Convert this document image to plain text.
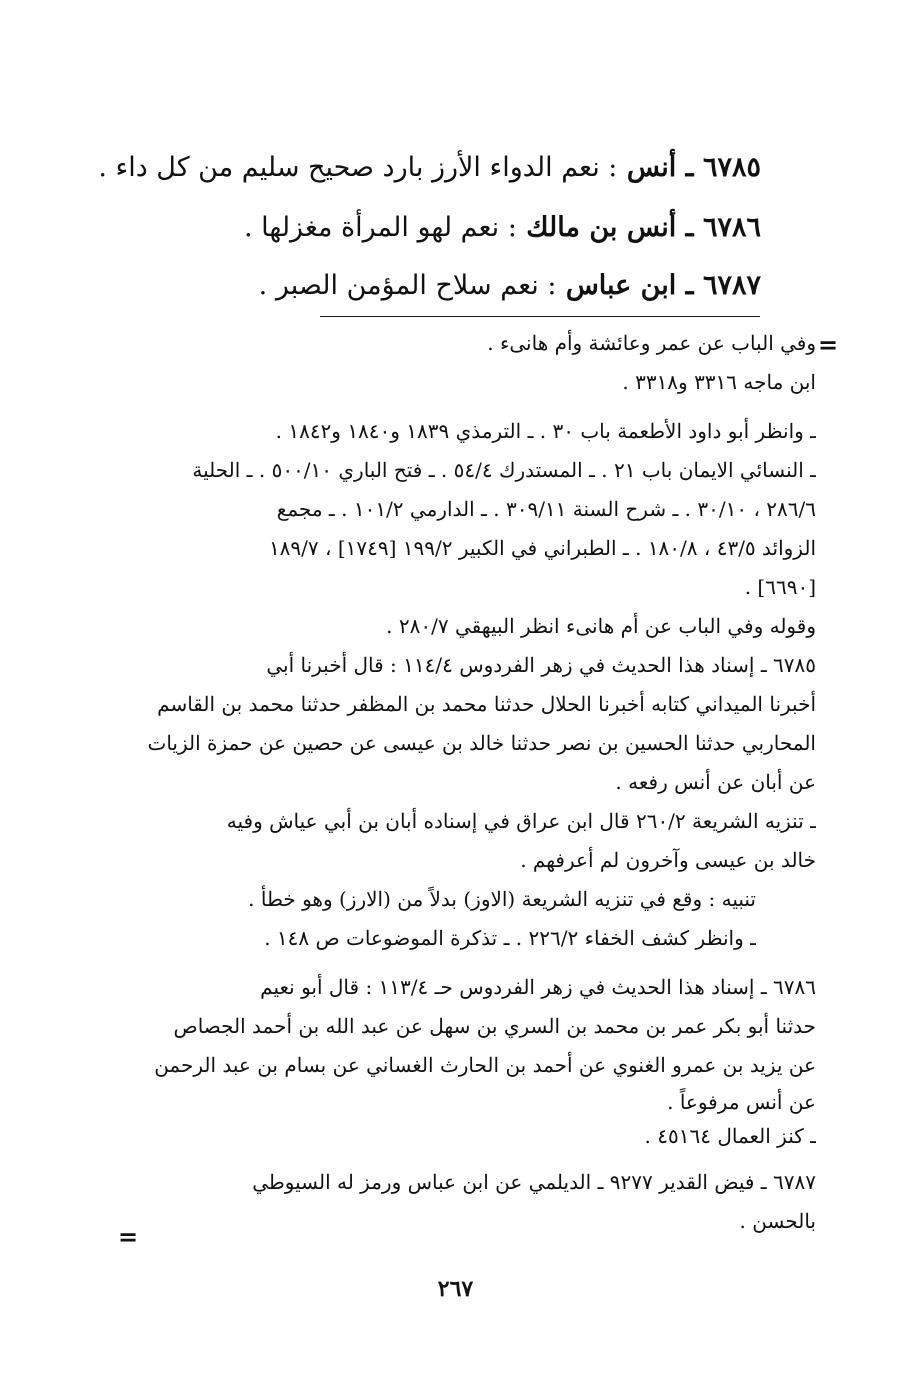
٦٧٨٥ ـ أنس : نعم الدواء الأرز بارد صحيح سليم من كل داء .
٦٧٨٦ ـ أنس بن مالك : نعم لهو المرأة مغزلها .
٦٧٨٧ ـ ابن عباس : نعم سلاح المؤمن الصبر .
=
=
وفي الباب عن عمر وعائشة وأم هانىء .
ابن ماجه ٣٣١٦ و٣٣١٨ .
ـ وانظر أبو داود الأطعمة باب ٣٠ . ـ الترمذي ١٨٣٩ و١٨٤٠ و١٨٤٢ .
ـ النسائي الايمان باب ٢١ . ـ المستدرك ٥٤/٤ . ـ فتح الباري ٥٠٠/١٠ . ـ الحلية
٢٨٦/٦ ، ٣٠/١٠ . ـ شرح السنة ٣٠٩/١١ . ـ الدارمي ١٠١/٢ . ـ مجمع
الزوائد ٤٣/٥ ، ١٨٠/٨ . ـ الطبراني في الكبير ١٩٩/٢ [١٧٤٩] ، ١٨٩/٧
[٦٦٩٠] .
وقوله وفي الباب عن أم هانىء انظر البيهقي ٢٨٠/٧ .
٦٧٨٥ ـ إسناد هذا الحديث في زهر الفردوس ١١٤/٤ : قال أخبرنا أبي
أخبرنا الميداني كتابه أخبرنا الحلال حدثنا محمد بن المظفر حدثنا محمد بن القاسم
المحاربي حدثنا الحسين بن نصر حدثنا خالد بن عيسى عن حصين عن حمزة الزيات
عن أبان عن أنس رفعه .
ـ تنزيه الشريعة ٢٦٠/٢ قال ابن عراق في إسناده أبان بن أبي عياش وفيه
خالد بن عيسى وآخرون لم أعرفهم .
تنبيه : وقع في تنزيه الشريعة (الاوز) بدلاً من (الارز) وهو خطأ .
ـ وانظر كشف الخفاء ٢٢٦/٢ . ـ تذكرة الموضوعات ص ١٤٨ .
٦٧٨٦ ـ إسناد هذا الحديث في زهر الفردوس حـ ١١٣/٤ : قال أبو نعيم
حدثنا أبو بكر عمر بن محمد بن السري بن سهل عن عبد الله بن أحمد الجصاص
عن يزيد بن عمرو الغنوي عن أحمد بن الحارث الغساني عن بسام بن عبد الرحمن
عن أنس مرفوعاً .
ـ كنز العمال ٤٥١٦٤ .
٦٧٨٧ ـ فيض القدير ٩٢٧٧ ـ الديلمي عن ابن عباس ورمز له السيوطي
بالحسن .
٢٦٧
